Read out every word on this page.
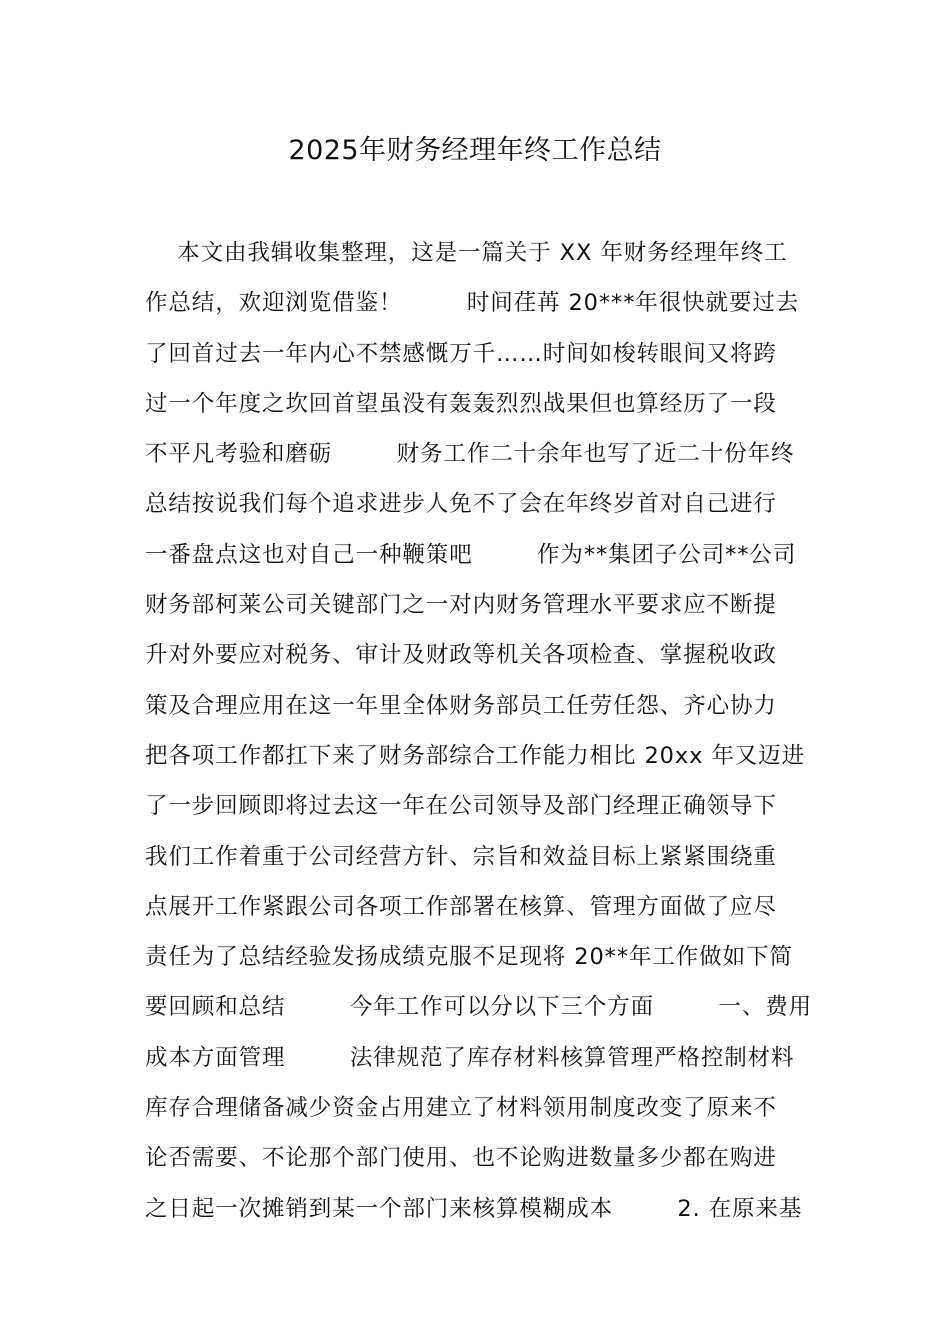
2025年财务经理年终工作总结
本文由我辑收集整理，这是一篇关于 XX 年财务经理年终工
作总结，欢迎浏览借鉴！        时间荏苒 20***年很快就要过去
了回首过去一年内心不禁感慨万千……时间如梭转眼间又将跨
过一个年度之坎回首望虽没有轰轰烈烈战果但也算经历了一段
不平凡考验和磨砺        财务工作二十余年也写了近二十份年终
总结按说我们每个追求进步人免不了会在年终岁首对自己进行
一番盘点这也对自己一种鞭策吧        作为**集团子公司**公司
财务部柯莱公司关键部门之一对内财务管理水平要求应不断提
升对外要应对税务、审计及财政等机关各项检查、掌握税收政
策及合理应用在这一年里全体财务部员工任劳任怨、齐心协力
把各项工作都扛下来了财务部综合工作能力相比 20xx 年又迈进
了一步回顾即将过去这一年在公司领导及部门经理正确领导下
我们工作着重于公司经营方针、宗旨和效益目标上紧紧围绕重
点展开工作紧跟公司各项工作部署在核算、管理方面做了应尽
责任为了总结经验发扬成绩克服不足现将 20**年工作做如下简
要回顾和总结        今年工作可以分以下三个方面        一、费用
成本方面管理        法律规范了库存材料核算管理严格控制材料
库存合理储备减少资金占用建立了材料领用制度改变了原来不
论否需要、不论那个部门使用、也不论购进数量多少都在购进
之日起一次摊销到某一个部门来核算模糊成本        2. 在原来基
